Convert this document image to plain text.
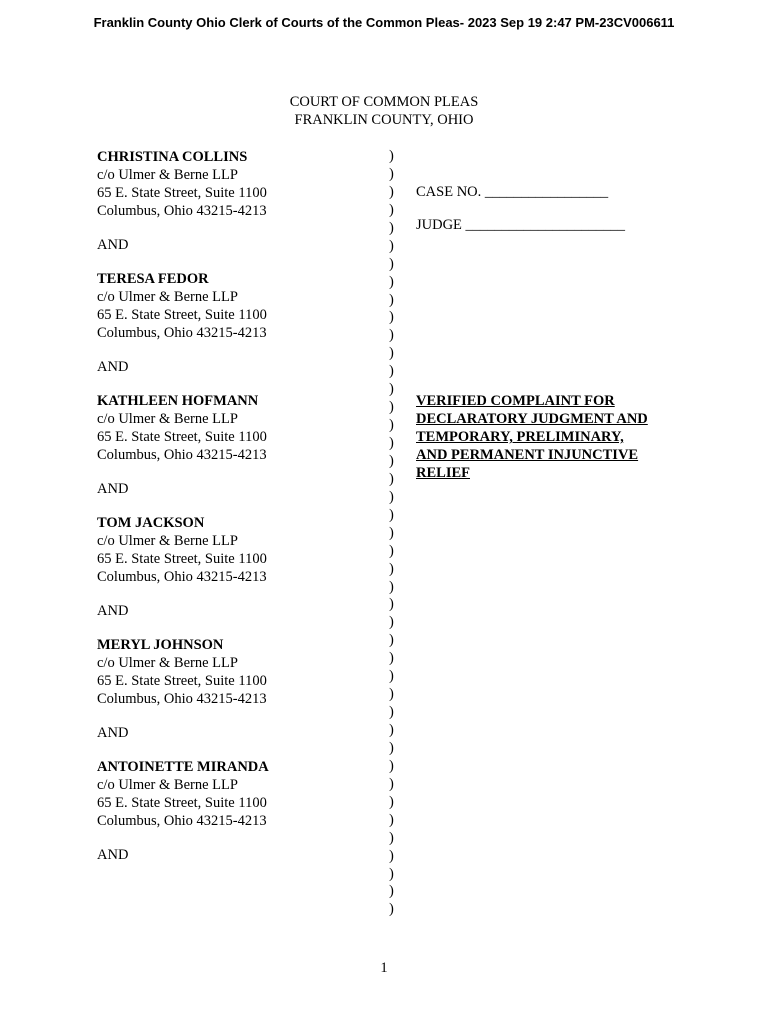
Franklin County Ohio Clerk of Courts of the Common Pleas- 2023 Sep 19 2:47 PM-23CV006611
COURT OF COMMON PLEAS
FRANKLIN COUNTY, OHIO
CHRISTINA COLLINS
c/o Ulmer & Berne LLP
65 E. State Street, Suite 1100
Columbus, Ohio 43215-4213
AND
TERESA FEDOR
c/o Ulmer & Berne LLP
65 E. State Street, Suite 1100
Columbus, Ohio 43215-4213
AND
KATHLEEN HOFMANN
c/o Ulmer & Berne LLP
65 E. State Street, Suite 1100
Columbus, Ohio 43215-4213
AND
TOM JACKSON
c/o Ulmer & Berne LLP
65 E. State Street, Suite 1100
Columbus, Ohio 43215-4213
AND
MERYL JOHNSON
c/o Ulmer & Berne LLP
65 E. State Street, Suite 1100
Columbus, Ohio 43215-4213
AND
ANTOINETTE MIRANDA
c/o Ulmer & Berne LLP
65 E. State Street, Suite 1100
Columbus, Ohio 43215-4213
AND
)
)
)
)
)
)
)
)
)
)
)
)
)
)
)
)
)
)
)
)
)
)
)
)
)
)
)
)
)
)
)
)
)
)
)
)
)
)
)
)
)
)
)
CASE NO. _________________
JUDGE ______________________
VERIFIED COMPLAINT FOR
DECLARATORY JUDGMENT AND
TEMPORARY, PRELIMINARY,
AND PERMANENT INJUNCTIVE
RELIEF
1
